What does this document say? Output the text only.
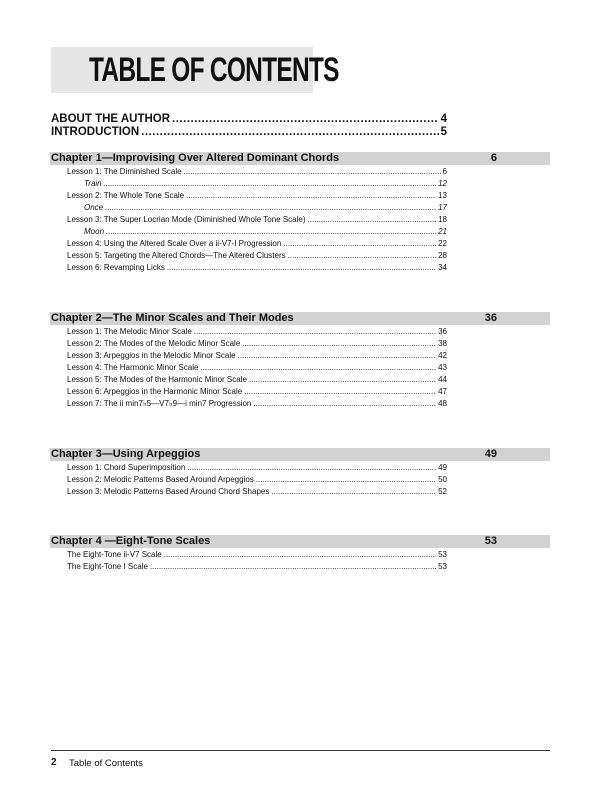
TABLE OF CONTENTS
ABOUT THE AUTHOR .....	4
INTRODUCTION .....	5
Chapter 1—Improvising Over Altered Dominant Chords	6
Lesson 1: The Diminished Scale .....	6
Train .....	12
Lesson 2: The Whole Tone Scale .....	13
Once .....	17
Lesson 3: The Super Locrian Mode (Diminished Whole Tone Scale) .....	18
Moon .....	21
Lesson 4: Using the Altered Scale Over a ii-V7-I Progression .....	22
Lesson 5: Targeting the Altered Chords—The Altered Clusters .....	28
Lesson 6: Revamping Licks .....	34
Chapter 2—The Minor Scales and Their Modes	36
Lesson 1: The Melodic Minor Scale .....	36
Lesson 2: The Modes of the Melodic Minor Scale .....	38
Lesson 3: Arpeggios in the Melodic Minor Scale .....	42
Lesson 4: The Harmonic Minor Scale .....	43
Lesson 5: The Modes of the Harmonic Minor Scale .....	44
Lesson 6: Arpeggios in the Harmonic Minor Scale .....	47
Lesson 7: The ii min7♭5—V7♭9—i min7 Progression .....	48
Chapter 3—Using Arpeggios	49
Lesson 1: Chord Superimposition .....	49
Lesson 2: Melodic Patterns Based Around Arpeggios .....	50
Lesson 3: Melodic Patterns Based Around Chord Shapes .....	52
Chapter 4 —Eight-Tone Scales	53
The Eight-Tone ii-V7 Scale .....	53
The Eight-Tone I Scale .....	53
2 Table of Contents
